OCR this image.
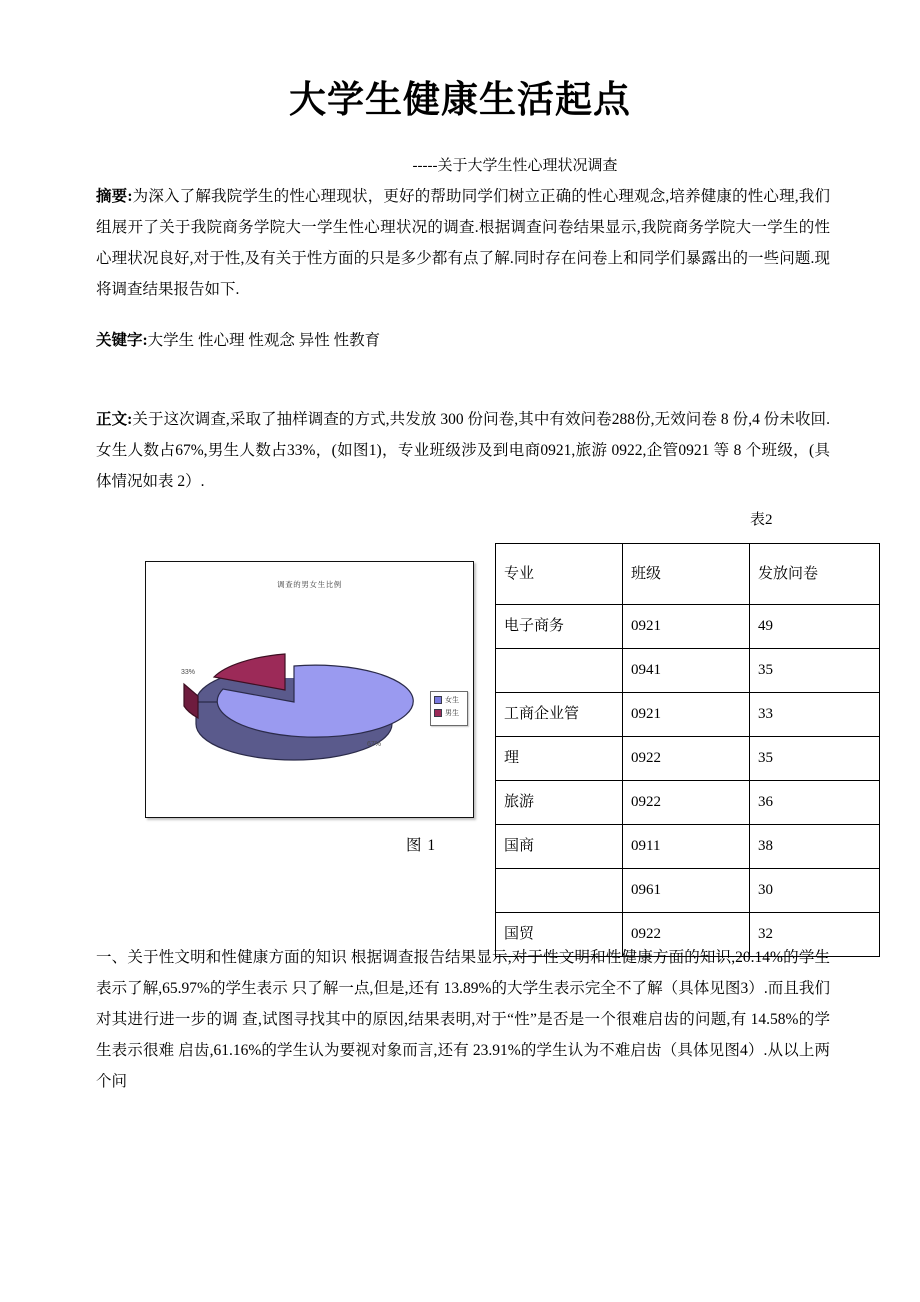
大学生健康生活起点
-----关于大学生性心理状况调查
摘要:为深入了解我院学生的性心理现状，更好的帮助同学们树立正确的性心理观念,培养健康的性心理,我们组展开了关于我院商务学院大一学生性心理状况的调查.根据调查问卷结果显示,我院商务学院大一学生的性心理状况良好,对于性,及有关于性方面的只是多少都有点了解.同时存在问卷上和同学们暴露出的一些问题.现将调查结果报告如下.
关键字:大学生 性心理 性观念 异性 性教育
正文:关于这次调查,采取了抽样调查的方式,共发放 300 份问卷,其中有效问卷288份,无效问卷 8 份,4 份未收回.女生人数占67%,男生人数占33%，(如图1)，专业班级涉及到电商0921,旅游 0922,企管0921 等 8 个班级，(具体情况如表 2）.
调查的男女生比例
女生
男生
33%
67%
图 1
表2
专业	班级	发放问卷
电子商务	0921	49
	0941	35
工商企业管	0921	33
理	0922	35
旅游	0922	36
国商	0911	38
	0961	30
国贸	0922	32
一、关于性文明和性健康方面的知识 根据调查报告结果显示,对于性文明和性健康方面的知识,20.14%的学生表示了解,65.97%的学生表示 只了解一点,但是,还有 13.89%的大学生表示完全不了解（具体见图3）.而且我们对其进行进一步的调 查,试图寻找其中的原因,结果表明,对于“性”是否是一个很难启齿的问题,有 14.58%的学生表示很难 启齿,61.16%的学生认为要视对象而言,还有 23.91%的学生认为不难启齿（具体见图4）.从以上两个问
